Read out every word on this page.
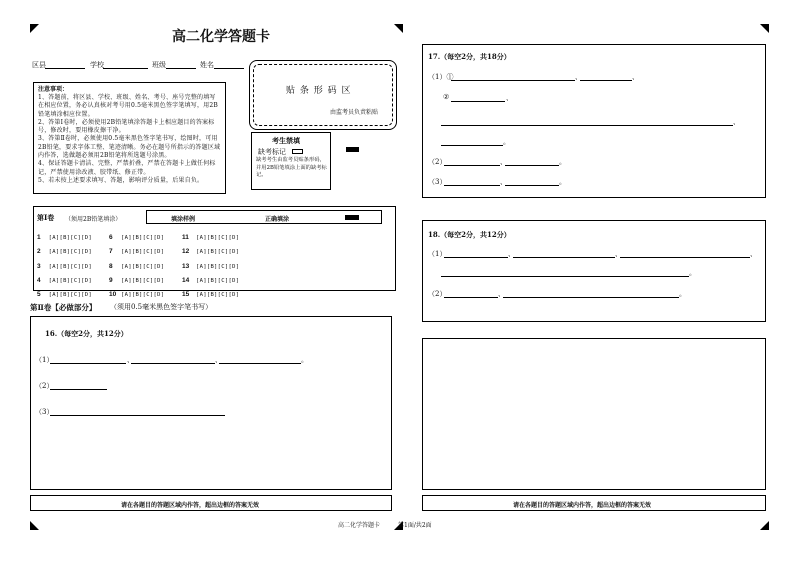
高二化学答题卡
区县	学校	班级	姓名
注意事项：
1、答题前，将区县、学校、班级、姓名、考号、座号完整的填写在相应位置，务必认真核对考号用0.5毫米黑色签字笔填写，用2B铅笔填涂相应位置。
2、答第Ⅰ卷时，必须使用2B铅笔填涂答题卡上相应题目的答案标号，修改时，要用橡皮擦干净。
3、答第Ⅱ卷时，必须使用0.5毫米黑色签字笔书写，绘图时，可用2B铅笔，要求字体工整、笔迹清晰。务必在题号所指示的答题区域内作答，选做题必须用2B铅笔将所选题号涂黑。
4、保证答题卡清洁、完整，严禁折叠，严禁在答题卡上做任何标记，严禁使用涂改液、胶带纸、修正带。
5、若未按上述要求填写、答题，影响评分质量，后果自负。
贴 条 形 码 区
由监考员负责粘贴
考生禁填
缺考标记
缺考考生由监考员贴条形码，并用2B铅笔填涂上面的缺考标记。
第Ⅰ卷 （须用2B铅笔填涂）	填涂样例	正确填涂
1 [A][B][C][D]
2 [A][B][C][D]
3 [A][B][C][D]
4 [A][B][C][D]
5 [A][B][C][D]
6 [A][B][C][D]
7 [A][B][C][D]
8 [A][B][C][D]
9 [A][B][C][D]
10 [A][B][C][D]
11 [A][B][C][D]
12 [A][B][C][D]
13 [A][B][C][D]
14 [A][B][C][D]
15 [A][B][C][D]
第Ⅱ卷【必做部分】 （须用0.5毫米黑色签字笔书写）
16.（每空2分，共12分）
（1）	、	、	。
（2）
（3）
请在各题目的答题区域内作答，超出边框的答案无效
高二化学答题卡	第1面/共2面
17.（每空2分，共18分）
（1）①	、	、
②	、
、
。
（2）	、	。
（3）	、	。
18.（每空2分，共12分）
（1）	、	、	、
。
（2）	、	。
请在各题目的答题区域内作答，超出边框的答案无效
